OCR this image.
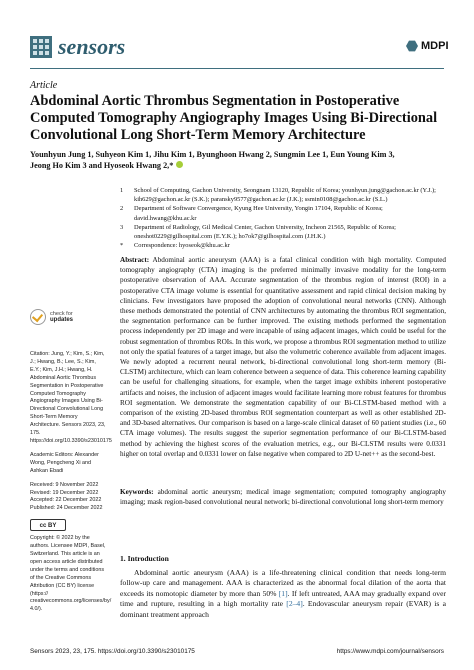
sensors	MDPI
Article
Abdominal Aortic Thrombus Segmentation in Postoperative Computed Tomography Angiography Images Using Bi-Directional Convolutional Long Short-Term Memory Architecture
Younhyun Jung 1, Suhyeon Kim 1, Jihu Kim 1, Byunghoon Hwang 2, Sungmin Lee 1, Eun Young Kim 3,
Jeong Ho Kim 3 and Hyoseok Hwang 2,*
1	School of Computing, Gachon University, Seongnam 13120, Republic of Korea; younhyun.jung@gachon.ac.kr (Y.J.); kih629@gachon.ac.kr (S.K.); paransky9577@gachon.ac.kr (J.K.); ssmin0108@gachon.ac.kr (S.L.)
2	Department of Software Convergence, Kyung Hee University, Yongin 17104, Republic of Korea; david.hwang@khu.ac.kr
3	Department of Radiology, Gil Medical Center, Gachon University, Incheon 21565, Republic of Korea; oneshot0229@gilhospital.com (E.Y.K.); ho7ok7@gilhospital.com (J.H.K.)
*	Correspondence: hyoseok@khu.ac.kr
check for
updates
Citation: Jung, Y.; Kim, S.; Kim, J.; Hwang, B.; Lee, S.; Kim, E.Y.; Kim, J.H.; Hwang, H. Abdominal Aortic Thrombus Segmentation in Postoperative Computed Tomography Angiography Images Using Bi-Directional Convolutional Long Short-Term Memory Architecture. Sensors 2023, 23, 175. https://doi.org/10.3390/s23010175
Academic Editors: Alexander Wong, Pengcheng Xi and Ashkan Ebadi
Received: 9 November 2022
Revised: 19 December 2022
Accepted: 22 December 2022
Published: 24 December 2022
cc BY
Copyright: © 2022 by the authors. Licensee MDPI, Basel, Switzerland. This article is an open access article distributed under the terms and conditions of the Creative Commons Attribution (CC BY) license (https:// creativecommons.org/licenses/by/ 4.0/).
Abstract: Abdominal aortic aneurysm (AAA) is a fatal clinical condition with high mortality. Computed tomography angiography (CTA) imaging is the preferred minimally invasive modality for the long-term postoperative observation of AAA. Accurate segmentation of the thrombus region of interest (ROI) in a postoperative CTA image volume is essential for quantitative assessment and rapid clinical decision making by clinicians. Few investigators have proposed the adoption of convolutional neural networks (CNN). Although these methods demonstrated the potential of CNN architectures by automating the thrombus ROI segmentation, the segmentation performance can be further improved. The existing methods performed the segmentation process independently per 2D image and were incapable of using adjacent images, which could be useful for the robust segmentation of thrombus ROIs. In this work, we propose a thrombus ROI segmentation method to utilize not only the spatial features of a target image, but also the volumetric coherence available from adjacent images. We newly adopted a recurrent neural network, bi-directional convolutional long short-term memory (Bi-CLSTM) architecture, which can learn coherence between a sequence of data. This coherence learning capability can be useful for challenging situations, for example, when the target image exhibits inherent postoperative artifacts and noises, the inclusion of adjacent images would facilitate learning more robust features for thrombus ROI segmentation. We demonstrate the segmentation capability of our Bi-CLSTM-based method with a comparison of the existing 2D-based thrombus ROI segmentation counterpart as well as other established 2D- and 3D-based alternatives. Our comparison is based on a large-scale clinical dataset of 60 patient studies (i.e., 60 CTA image volumes). The results suggest the superior segmentation performance of our Bi-CLSTM-based method by achieving the highest scores of the evaluation metrics, e.g., our Bi-CLSTM results were 0.0331 higher on total overlap and 0.0331 lower on false negative when compared to 2D U-net++ as the second-best.
Keywords: abdominal aortic aneurysm; medical image segmentation; computed tomography angiography imaging; mask region-based convolutional neural network; bi-directional convolutional long short-term memory
1. Introduction
Abdominal aortic aneurysm (AAA) is a life-threatening clinical condition that needs long-term follow-up care and management. AAA is characterized as the abnormal focal dilation of the aorta that exceeds its nomotopic diameter by more than 50% [1]. If left untreated, AAA may gradually expand over time and rupture, resulting in a high mortality rate [2–4]. Endovascular aneurysm repair (EVAR) is a dominant treatment approach
Sensors 2023, 23, 175. https://doi.org/10.3390/s23010175	https://www.mdpi.com/journal/sensors
